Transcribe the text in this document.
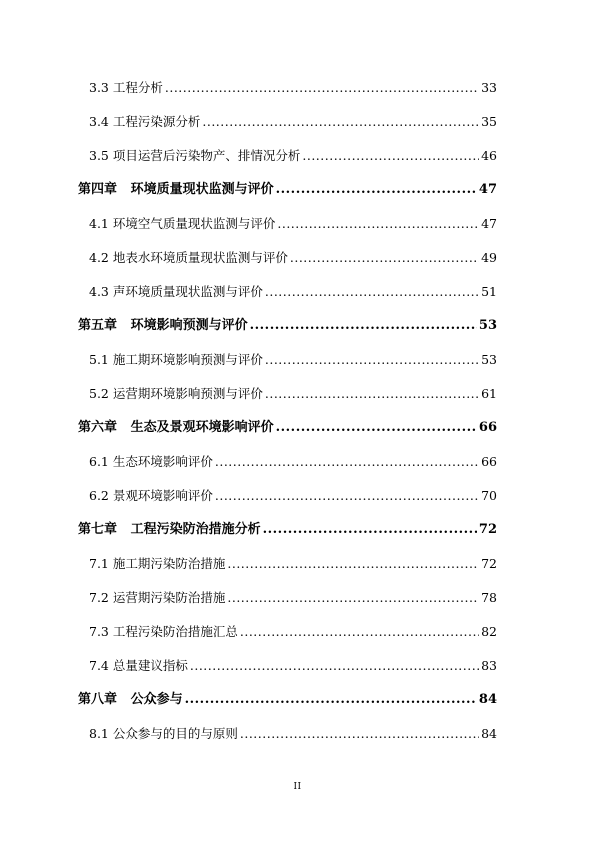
3.3 工程分析 .....	33
3.4 工程污染源分析 .....	35
3.5 项目运营后污染物产、排情况分析 .....	46
第四章	环境质量现状监测与评价 .....	47
4.1 环境空气质量现状监测与评价 .....	47
4.2 地表水环境质量现状监测与评价 .....	49
4.3 声环境质量现状监测与评价 .....	51
第五章	环境影响预测与评价 .....	53
5.1 施工期环境影响预测与评价 .....	53
5.2 运营期环境影响预测与评价 .....	61
第六章	生态及景观环境影响评价 .....	66
6.1 生态环境影响评价 .....	66
6.2 景观环境影响评价 .....	70
第七章	工程污染防治措施分析 .....	72
7.1 施工期污染防治措施 .....	72
7.2 运营期污染防治措施 .....	78
7.3 工程污染防治措施汇总 .....	82
7.4 总量建议指标 .....	83
第八章	公众参与 .....	84
8.1 公众参与的目的与原则 .....	84
II
